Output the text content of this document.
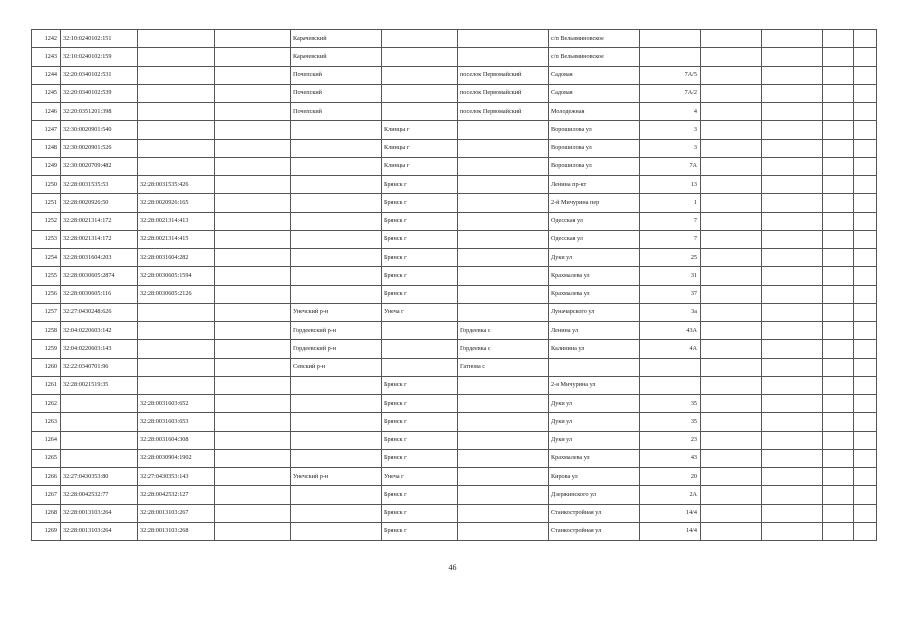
1242	32:10:0240102:151			Карачевский			с/п Вельяминовское					
1243	32:10:0240102:159			Карачевский			с/п Вельяминовское					
1244	32:20:0340102:531			Почепский		поселок Первомайский	Садовая	7А/5				
1245	32:20:0340102:539			Почепский		поселок Первомайский	Садовая	7А/2				
1246	32:20:0351201:398			Почепский		поселок Первомайский	Молодежная	4				
1247	32:30:0020901:540				Клинцы г		Ворошилова ул	3				
1248	32:30:0020901:526				Клинцы г		Ворошилова ул	3				
1249	32:30:0020709:482				Клинцы г		Ворошилова ул	7А				
1250	32:28:0031535:53	32:28:0031535:426			Брянск г		Ленина пр-кт	13				
1251	32:28:0020926:50	32:28:0020926:165			Брянск г		2-й Мичурина пер	1				
1252	32:28:0021314:172	32:28:0021314:413			Брянск г		Одесская ул	7				
1253	32:28:0021314:172	32:28:0021314:415			Брянск г		Одесская ул	7				
1254	32:28:0031604:203	32:28:0031604:282			Брянск г		Дуки ул	25				
1255	32:28:0030605:2874	32:28:0030605:1594			Брянск г		Крахмалева ул	31				
1256	32:28:0030605:116	32:28:0030605:2126			Брянск г		Крахмалева ул	37				
1257	32:27:0430248:626			Унечский р-н	Унеча г		Луначарского ул	3а				
1258	32:04:0220603:142			Гордеевский р-н		Гордеевка с	Ленина ул	43А				
1259	32:04:0220603:143			Гордеевский р-н		Гордеевка с	Калинина ул	4А				
1260	32:22:0340701:96			Севский р-н		Гатнова с						
1261	32:28:0021519:35				Брянск г		2-я Мичурина ул					
1262		32:28:0031603:652			Брянск г		Дуки ул	35				
1263		32:28:0031603:653			Брянск г		Дуки ул	35				
1264		32:28:0031604:308			Брянск г		Дуки ул	23				
1265		32:28:0030904:1902			Брянск г		Крахмалева ул	43				
1266	32:27:0430353:80	32:27:0430353:143		Унечский р-н	Унеча г		Кирова ул	20				
1267	32:28:0042532:77	32:28:0042532:127			Брянск г		Дзержинского ул	2А				
1268	32:28:0013103:264	32:28:0013103:267			Брянск г		Станкостройная ул	14/4				
1269	32:28:0013103:264	32:28:0013103:268			Брянск г		Станкостройная ул	14/4				
46
